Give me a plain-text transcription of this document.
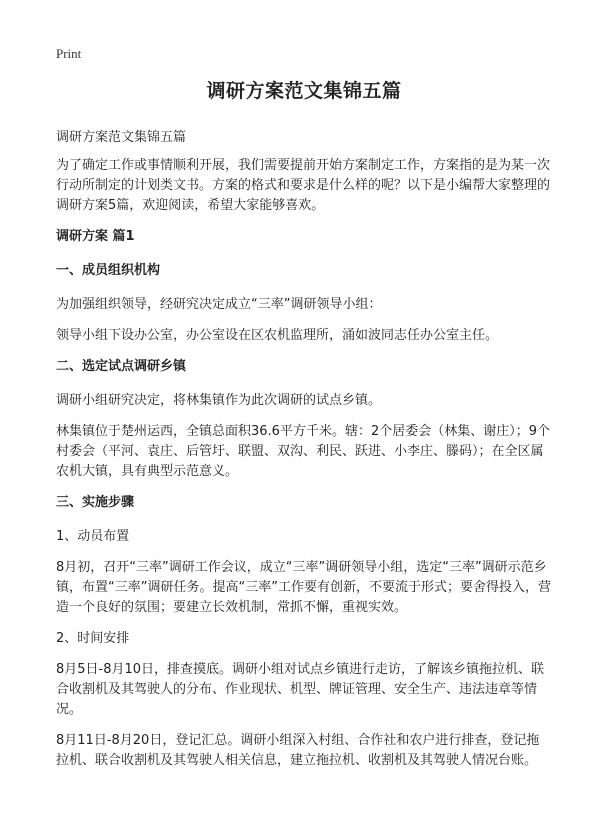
Print
调研方案范文集锦五篇
调研方案范文集锦五篇

为了确定工作或事情顺利开展，我们需要提前开始方案制定工作，方案指的是为某一次行动所制定的计划类文书。方案的格式和要求是什么样的呢？以下是小编帮大家整理的调研方案5篇，欢迎阅读，希望大家能够喜欢。

调研方案 篇1
一、成员组织机构

为加强组织领导，经研究决定成立“三率”调研领导小组：

领导小组下设办公室，办公室设在区农机监理所，涌如波同志任办公室主任。

二、选定试点调研乡镇

调研小组研究决定，将林集镇作为此次调研的试点乡镇。

林集镇位于楚州运西，全镇总面积36.6平方千米。辖：2个居委会（林集、谢庄）；9个村委会（平河、袁庄、后管圩、联盟、双沟、利民、跃进、小李庄、滕码）；在全区属农机大镇，具有典型示范意义。

三、实施步骤
1、动员布置

8月初，召开“三率”调研工作会议，成立“三率”调研领导小组，选定“三率”调研示范乡镇，布置“三率”调研任务。提高“三率”工作要有创新，不要流于形式；要舍得投入，营造一个良好的氛围；要建立长效机制，常抓不懈，重视实效。

2、时间安排

8月5日-8月10日，排查摸底。调研小组对试点乡镇进行走访，了解该乡镇拖拉机、联合收割机及其驾驶人的分布、作业现状、机型、牌证管理、安全生产、违法违章等情况。

8月11日-8月20日，登记汇总。调研小组深入村组、合作社和农户进行排查，登记拖拉机、联合收割机及其驾驶人相关信息，建立拖拉机、收割机及其驾驶人情况台账。
